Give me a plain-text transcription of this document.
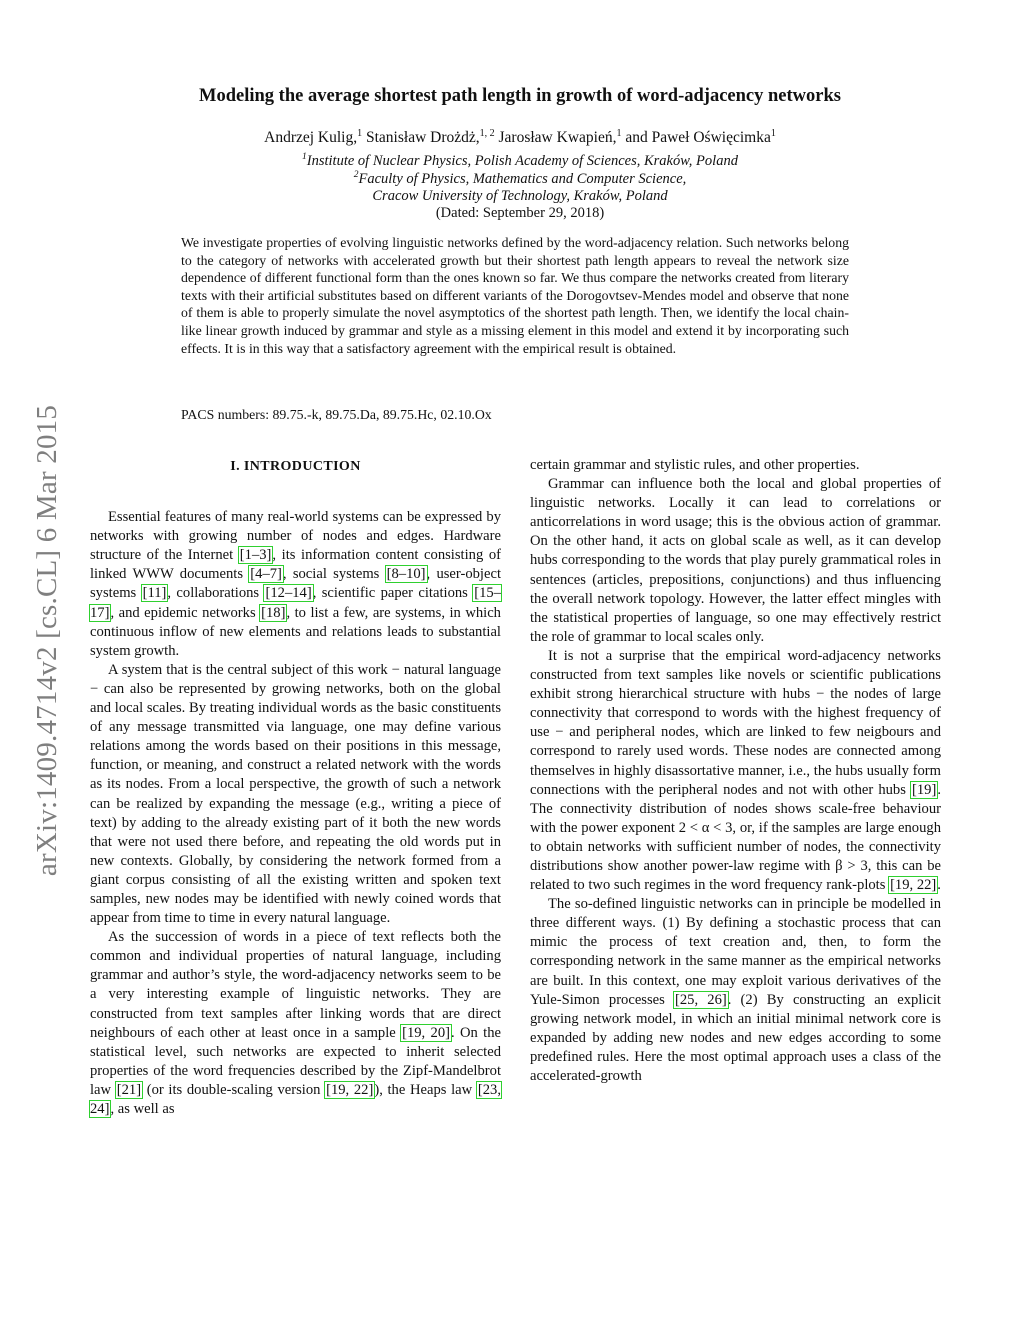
arXiv:1409.4714v2 [cs.CL] 6 Mar 2015
Modeling the average shortest path length in growth of word-adjacency networks
Andrzej Kulig,$^1$ Stanisław Drożdż,$^{1, 2}$ Jarosław Kwapień,$^1$ and Paweł Oświęcimka$^1$
$^1$Institute of Nuclear Physics, Polish Academy of Sciences, Kraków, Poland
$^2$Faculty of Physics, Mathematics and Computer Science,
Cracow University of Technology, Kraków, Poland
(Dated: September 29, 2018)
We investigate properties of evolving linguistic networks defined by the word-adjacency relation. Such networks belong to the category of networks with accelerated growth but their shortest path length appears to reveal the network size dependence of different functional form than the ones known so far. We thus compare the networks created from literary texts with their artificial substitutes based on different variants of the Dorogovtsev-Mendes model and observe that none of them is able to properly simulate the novel asymptotics of the shortest path length. Then, we identify the local chain-like linear growth induced by grammar and style as a missing element in this model and extend it by incorporating such effects. It is in this way that a satisfactory agreement with the empirical result is obtained.
PACS numbers: 89.75.-k, 89.75.Da, 89.75.Hc, 02.10.Ox
I. INTRODUCTION

Essential features of many real-world systems can be expressed by networks with growing number of nodes and edges. Hardware structure of the Internet [1–3], its information content consisting of linked WWW documents [4–7], social systems [8–10], user-object systems [11], collaborations [12–14], scientific paper citations [15–17], and epidemic networks [18], to list a few, are systems, in which continuous inflow of new elements and relations leads to substantial system growth.

A system that is the central subject of this work − natural language − can also be represented by growing networks, both on the global and local scales. By treating individual words as the basic constituents of any message transmitted via language, one may define various relations among the words based on their positions in this message, function, or meaning, and construct a related network with the words as its nodes. From a local perspective, the growth of such a network can be realized by expanding the message (e.g., writing a piece of text) by adding to the already existing part of it both the new words that were not used there before, and repeating the old words put in new contexts. Globally, by considering the network formed from a giant corpus consisting of all the existing written and spoken text samples, new nodes may be identified with newly coined words that appear from time to time in every natural language.

As the succession of words in a piece of text reflects both the common and individual properties of natural language, including grammar and author’s style, the word-adjacency networks seem to be a very interesting example of linguistic networks. They are constructed from text samples after linking words that are direct neighbours of each other at least once in a sample [19, 20]. On the statistical level, such networks are expected to inherit selected properties of the word frequencies described by the Zipf-Mandelbrot law [21] (or its double-scaling version [19, 22]), the Heaps law [23, 24], as well as

certain grammar and stylistic rules, and other properties.

Grammar can influence both the local and global properties of linguistic networks. Locally it can lead to correlations or anticorrelations in word usage; this is the obvious action of grammar. On the other hand, it acts on global scale as well, as it can develop hubs corresponding to the words that play purely grammatical roles in sentences (articles, prepositions, conjunctions) and thus influencing the overall network topology. However, the latter effect mingles with the statistical properties of language, so one may effectively restrict the role of grammar to local scales only.

It is not a surprise that the empirical word-adjacency networks constructed from text samples like novels or scientific publications exhibit strong hierarchical structure with hubs − the nodes of large connectivity that correspond to words with the highest frequency of use − and peripheral nodes, which are linked to few neigbours and correspond to rarely used words. These nodes are connected among themselves in highly disassortative manner, i.e., the hubs usually form connections with the peripheral nodes and not with other hubs [19]. The connectivity distribution of nodes shows scale-free behaviour with the power exponent 2 < α < 3, or, if the samples are large enough to obtain networks with sufficient number of nodes, the connectivity distributions show another power-law regime with β > 3, this can be related to two such regimes in the word frequency rank-plots [19, 22].

The so-defined linguistic networks can in principle be modelled in three different ways. (1) By defining a stochastic process that can mimic the process of text creation and, then, to form the corresponding network in the same manner as the empirical networks are built. In this context, one may exploit various derivatives of the Yule-Simon processes [25, 26]. (2) By constructing an explicit growing network model, in which an initial minimal network core is expanded by adding new nodes and new edges according to some predefined rules. Here the most optimal approach uses a class of the accelerated-growth
